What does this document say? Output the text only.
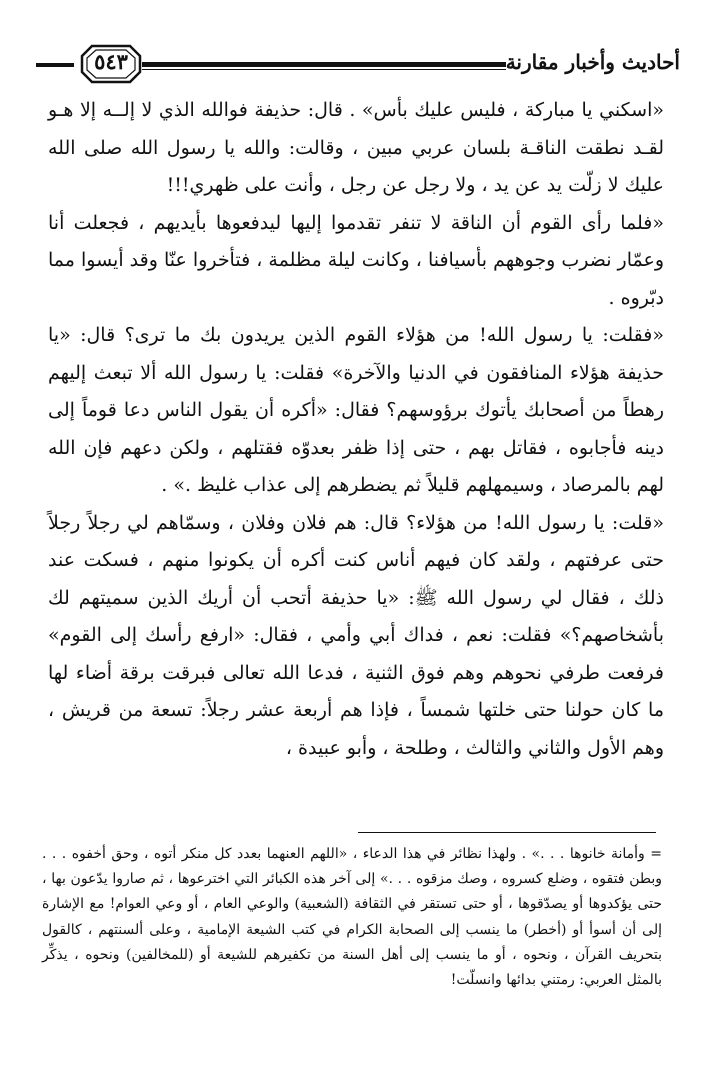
أحاديث وأخبار مقارنة
٥٤٣

«اسكني يا مباركة ، فليس عليك بأس» . قال: حذيفة فوالله الذي لا إلــه إلا هـو لقـد نطقت الناقـة بلسان عربي مبين ، وقالت: والله يا رسول الله صلى الله عليك لا زلّت يد عن يد ، ولا رجل عن رجل ، وأنت على ظهري!!!

«فلما رأى القوم أن الناقة لا تنفر تقدموا إليها ليدفعوها بأيديهم ، فجعلت أنا وعمّار نضرب وجوههم بأسيافنا ، وكانت ليلة مظلمة ، فتأخروا عنّا وقد أيسوا مما دبّروه .

«فقلت: يا رسول الله! من هؤلاء القوم الذين يريدون بك ما ترى؟ قال: «يا حذيفة هؤلاء المنافقون في الدنيا والآخرة» فقلت: يا رسول الله ألا تبعث إليهم رهطاً من أصحابك يأتوك برؤوسهم؟ فقال: «أكره أن يقول الناس دعا قوماً إلى دينه فأجابوه ، فقاتل بهم ، حتى إذا ظفر بعدوّه فقتلهم ، ولكن دعهم فإن الله لهم بالمرصاد ، وسيمهلهم قليلاً ثم يضطرهم إلى عذاب غليظ .» .

«قلت: يا رسول الله! من هؤلاء؟ قال: هم فلان وفلان ، وسمّاهم لي رجلاً رجلاً حتى عرفتهم ، ولقد كان فيهم أناس كنت أكره أن يكونوا منهم ، فسكت عند ذلك ، فقال لي رسول الله ﷺ: «يا حذيفة أتحب أن أريك الذين سميتهم لك بأشخاصهم؟» فقلت: نعم ، فداك أبي وأمي ، فقال: «ارفع رأسك إلى القوم» فرفعت طرفي نحوهم وهم فوق الثنية ، فدعا الله تعالى فبرقت برقة أضاء لها ما كان حولنا حتى خلتها شمساً ، فإذا هم أربعة عشر رجلاً: تسعة من قريش ، وهم الأول والثاني والثالث ، وطلحة ، وأبو عبيدة ،

= وأمانة خانوها . . .» . ولهذا نظائر في هذا الدعاء ، «اللهم العنهما بعدد كل منكر أتوه ، وحق أخفوه . . . وبطن فتقوه ، وضلع كسروه ، وصك مزقوه . . .» إلى آخر هذه الكبائر التي اخترعوها ، ثم صاروا يدّعون بها ، حتى يؤكدوها أو يصدّقوها ، أو حتى تستقر في الثقافة (الشعبية) والوعي العام ، أو وعي العوام! مع الإشارة إلى أن أسوأ أو (أخطر) ما ينسب إلى الصحابة الكرام في كتب الشيعة الإمامية ، وعلى ألسنتهم ، كالقول بتحريف القرآن ، ونحوه ، أو ما ينسب إلى أهل السنة من تكفيرهم للشيعة أو (للمخالفين) ونحوه ، يذكِّر بالمثل العربي: رمتني بدائها وانسلّت!
